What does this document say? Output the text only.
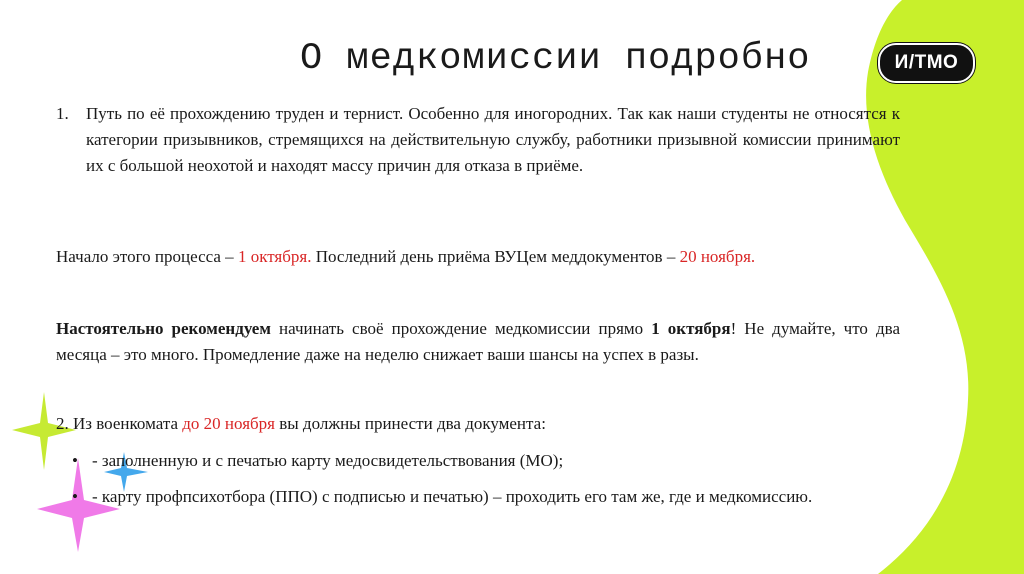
О медкомиссии подробно	И/ТМО
1. Путь по её прохождению труден и тернист. Особенно для иногородних. Так как наши студенты не относятся к категории призывников, стремящихся на действительную службу, работники призывной комиссии принимают их с большой неохотой и находят массу причин для отказа в приёме.
Начало этого процесса – 1 октября. Последний день приёма ВУЦем меддокументов – 20 ноября.
Настоятельно рекомендуем начинать своё прохождение медкомиссии прямо 1 октября! Не думайте, что два месяца – это много. Промедление даже на неделю снижает ваши шансы на успех в разы.
2. Из военкомата до 20 ноября вы должны принести два документа:
• - заполненную и с печатью карту медосвидетельствования (МО);
• - карту профпсихотбора (ППО) с подписью и печатью) – проходить его там же, где и медкомиссию.
